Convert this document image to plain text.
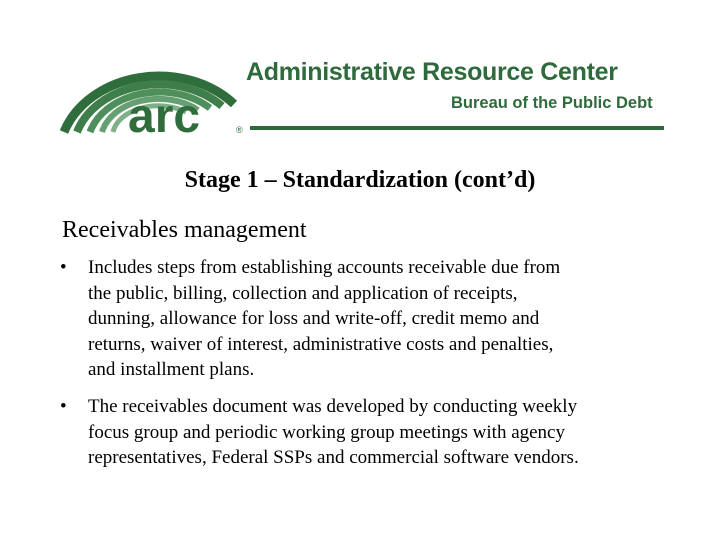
arc	®
Administrative Resource Center
Bureau of the Public Debt
Stage 1 – Standardization (cont’d)
Receivables management
•	Includes steps from establishing accounts receivable due from
the public, billing, collection and application of receipts,
dunning, allowance for loss and write-off, credit memo and
returns, waiver of interest, administrative costs and penalties,
and installment plans.
•	The receivables document was developed by conducting weekly
focus group and periodic working group meetings with agency
representatives, Federal SSPs and commercial software vendors.
